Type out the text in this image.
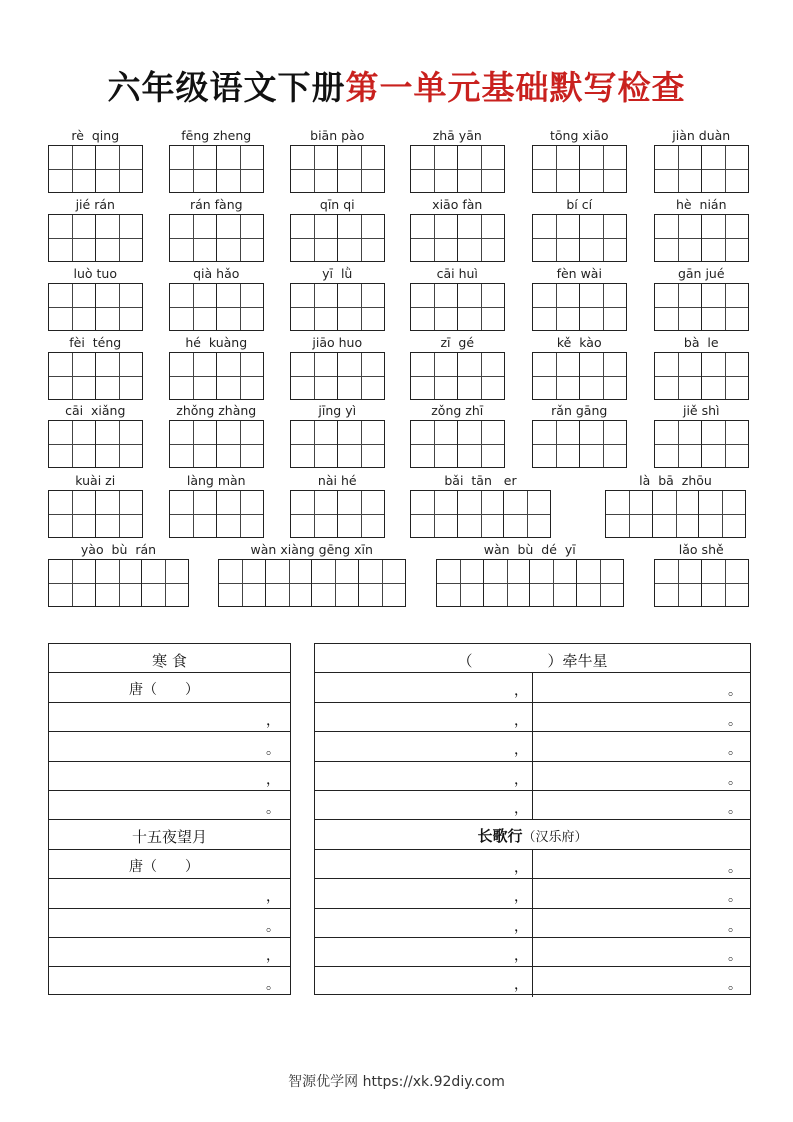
六年级语文下册第一单元基础默写检查
rè  qing	fēng zheng	biān pào	zhā yān	tōng xiāo	jiàn duàn
jié rán	rán fàng	qīn qi	xiāo fàn	bí cí	hè  nián
luò tuo	qià hǎo	yī  lǜ	cāi huì	fèn wài	gān jué
fèi  téng	hé  kuàng	jiāo huo	zī  gé	kě  kào	bà  le
cāi  xiǎng	zhǒng zhàng	jīng yì	zǒng zhī	rǎn gāng	jiě shì
kuài zi	làng màn	nài hé	bǎi  tān   er	là  bā  zhōu
yào  bù  rán	wàn xiàng gēng xīn	wàn  bù  dé  yī	lǎo shě
寒 食
唐（　　）
，
。
，
。
十五夜望月
唐（　　）
，
。
，
。
（　　　　　）牵牛星
，	。
，	。
，	。
，	。
，	。
长歌行（汉乐府）
，	。
，	。
，	。
，	。
，	。
智源优学网 https://xk.92diy.com
